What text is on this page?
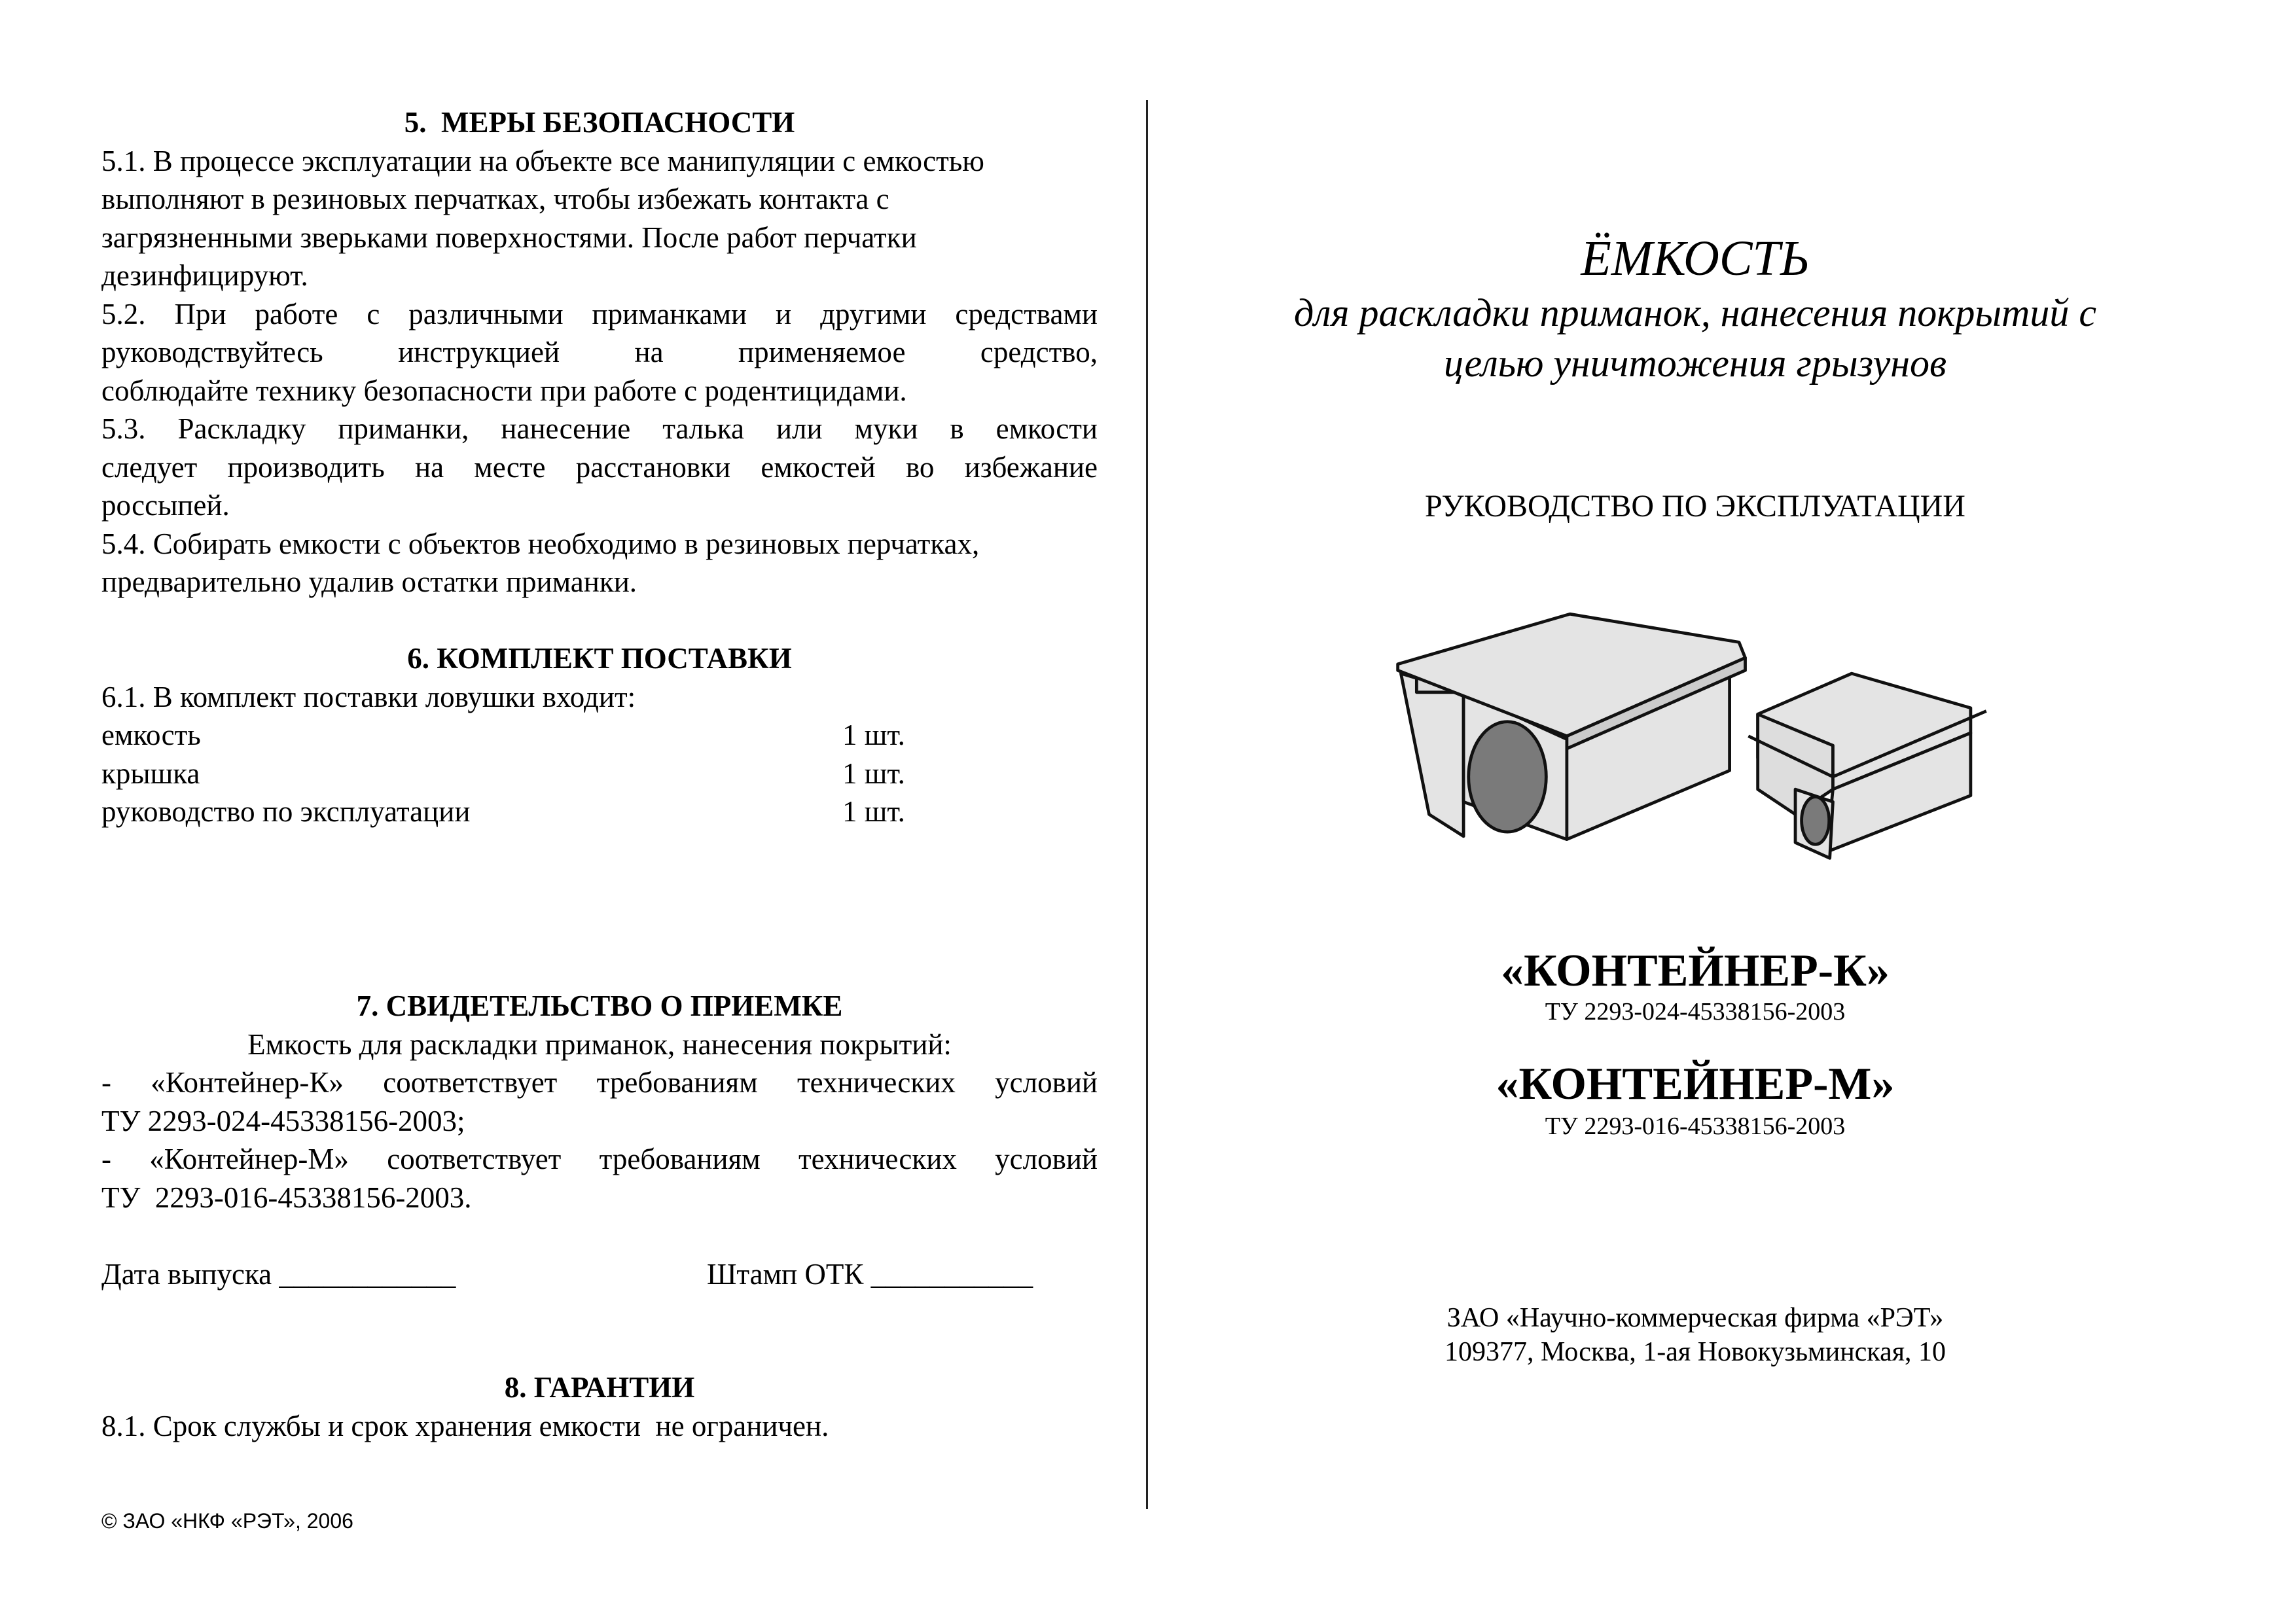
5.  МЕРЫ БЕЗОПАСНОСТИ
5.1. В процессе эксплуатации на объекте все манипуляции с емкостью
выполняют в резиновых перчатках, чтобы избежать контакта с
загрязненными зверьками поверхностями. После работ перчатки
дезинфицируют.
5.2. При работе с различными приманками и другими средствами
руководствуйтесь инструкцией на применяемое средство,
соблюдайте технику безопасности при работе с родентицидами.
5.3. Раскладку приманки, нанесение талька или муки в емкости
следует производить на месте расстановки емкостей во избежание
россыпей.
5.4. Собирать емкости с объектов необходимо в резиновых перчатках,
предварительно удалив остатки приманки.
6. КОМПЛЕКТ ПОСТАВКИ
6.1. В комплект поставки ловушки входит:
емкость	1 шт.
крышка	1 шт.
руководство по эксплуатации	1 шт.
7. СВИДЕТЕЛЬСТВО О ПРИЕМКЕ
Емкость для раскладки приманок, нанесения покрытий:
- «Контейнер-К» соответствует требованиям технических условий
ТУ 2293-024-45338156-2003;
- «Контейнер-М» соответствует требованиям технических условий
ТУ  2293-016-45338156-2003.
Дата выпуска ____________	Штамп ОТК ___________
8. ГАРАНТИИ
8.1. Срок службы и срок хранения емкости  не ограничен.
© ЗАО «НКФ «РЭТ», 2006
ЁМКОСТЬ
для раскладки приманок, нанесения покрытий с
целью уничтожения грызунов
РУКОВОДСТВО ПО ЭКСПЛУАТАЦИИ
«КОНТЕЙНЕР-К»
ТУ 2293-024-45338156-2003
«КОНТЕЙНЕР-М»
ТУ 2293-016-45338156-2003
ЗАО «Научно-коммерческая фирма «РЭТ»
109377, Москва, 1-ая Новокузьминская, 10
